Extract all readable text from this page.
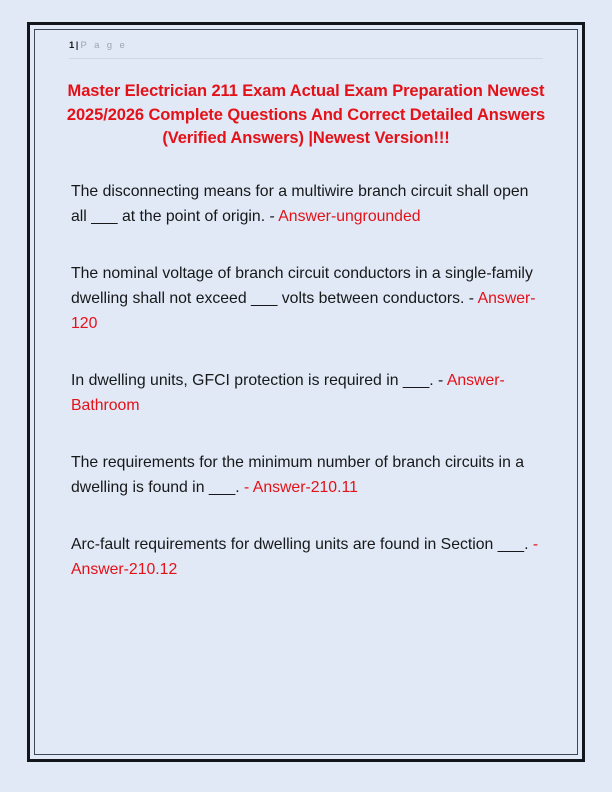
1| P a g e
Master Electrician 211 Exam Actual Exam Preparation Newest 2025/2026 Complete Questions And Correct Detailed Answers (Verified Answers) |Newest Version!!!

The disconnecting means for a multiwire branch circuit shall open all ___ at the point of origin. - Answer-ungrounded

The nominal voltage of branch circuit conductors in a single-family dwelling shall not exceed ___ volts between conductors. - Answer-120

In dwelling units, GFCI protection is required in ___. - Answer-Bathroom

The requirements for the minimum number of branch circuits in a dwelling is found in ___. - Answer-210.11

Arc-fault requirements for dwelling units are found in Section ___. - Answer-210.12
